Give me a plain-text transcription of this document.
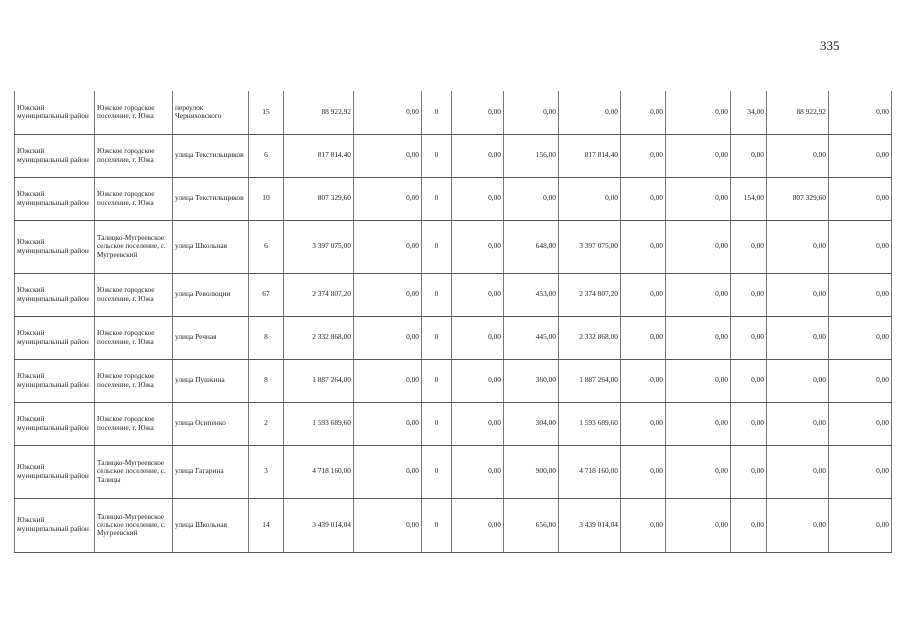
335
Южский муниципальный район	Южское городское поселение, г. Южа	переулок Черняховского	15	88 922,92	0,00	0	0,00	0,00	0,00	0,00	0,00	34,00	88 922,92	0,00
Южский муниципальный район	Южское городское поселение, г. Южа	улица Текстильщиков	6	817 814,40	0,00	0	0,00	156,00	817 814,40	0,00	0,00	0,00	0,00	0,00
Южский муниципальный район	Южское городское поселение, г. Южа	улица Текстильщиков	10	807 329,60	0,00	0	0,00	0,00	0,00	0,00	0,00	154,00	807 329,60	0,00
Южский муниципальный район	Талицко-Мугреевское сельское поселение, с. Мугреевский	улица Школьная	6	3 397 075,00	0,00	0	0,00	648,00	3 397 075,00	0,00	0,00	0,00	0,00	0,00
Южский муниципальный район	Южское городское поселение, г. Южа	улица Революции	67	2 374 807,20	0,00	0	0,00	453,00	2 374 807,20	0,00	0,00	0,00	0,00	0,00
Южский муниципальный район	Южское городское поселение, г. Южа	улица Речная	8	2 332 868,00	0,00	0	0,00	445,00	2 332 868,00	0,00	0,00	0,00	0,00	0,00
Южский муниципальный район	Южское городское поселение, г. Южа	улица Пушкина	8	1 887 264,00	0,00	0	0,00	360,00	1 887 264,00	0,00	0,00	0,00	0,00	0,00
Южский муниципальный район	Южское городское поселение, г. Южа	улица Осипенко	2	1 593 689,60	0,00	0	0,00	304,00	1 593 689,60	0,00	0,00	0,00	0,00	0,00
Южский муниципальный район	Талицко-Мугреевское сельское поселение, с. Талицы	улица Гагарина	3	4 718 160,00	0,00	0	0,00	900,00	4 718 160,00	0,00	0,00	0,00	0,00	0,00
Южский муниципальный район	Талицко-Мугреевское сельское поселение, с. Мугреевский	улица Школьная	14	3 439 014,04	0,00	0	0,00	656,00	3 439 014,04	0,00	0,00	0,00	0,00	0,00
